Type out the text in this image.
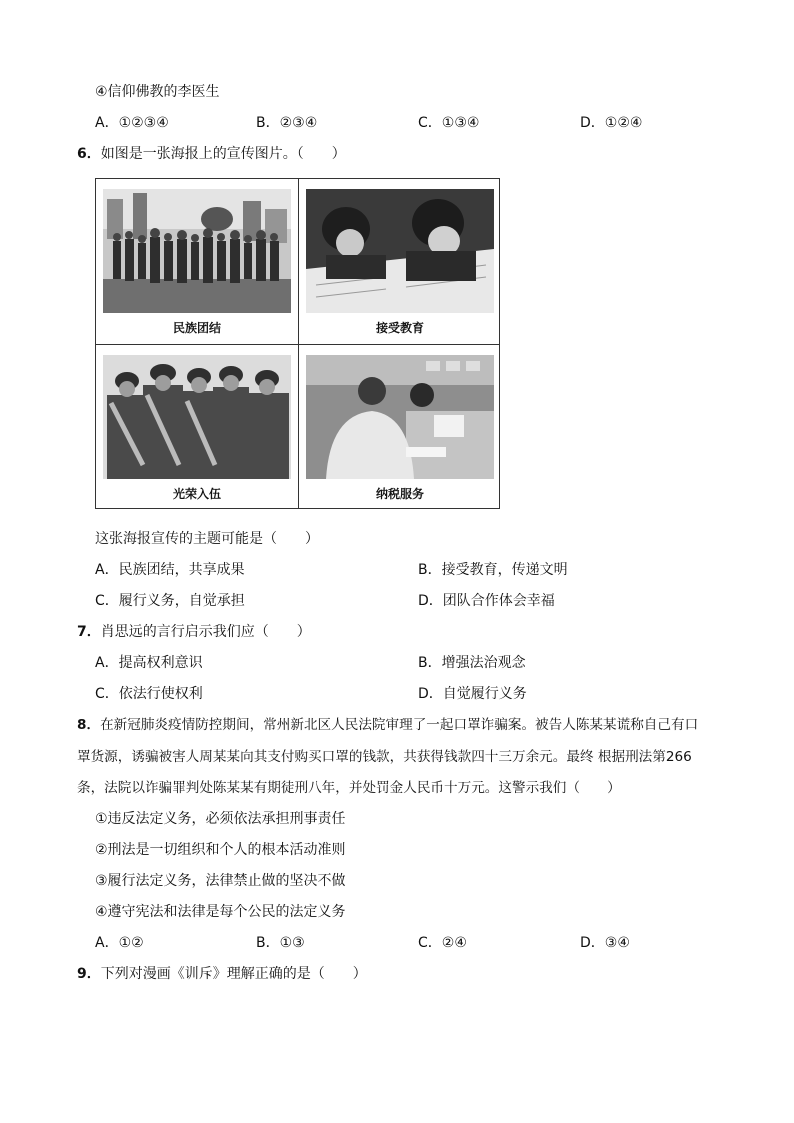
④信仰佛教的李医生
A．①②③④	B．②③④	C．①③④	D．①②④
6．如图是一张海报上的宣传图片。（　　）
民族团结	接受教育
光荣入伍	纳税服务
这张海报宣传的主题可能是（　　）
A．民族团结，共享成果	B．接受教育，传递文明
C．履行义务，自觉承担	D．团队合作体会幸福
7．肖思远的言行启示我们应（　　）
A．提高权利意识	B．增强法治观念
C．依法行使权利	D．自觉履行义务
8．在新冠肺炎疫情防控期间，常州新北区人民法院审理了一起口罩诈骗案。被告人陈某某谎称自己有口
罩货源，诱骗被害人周某某向其支付购买口罩的钱款，共获得钱款四十三万余元。最终 根据刑法第266
条，法院以诈骗罪判处陈某某有期徒刑八年，并处罚金人民币十万元。这警示我们（　　）
①违反法定义务，必须依法承担刑事责任
②刑法是一切组织和个人的根本活动准则
③履行法定义务，法律禁止做的坚决不做
④遵守宪法和法律是每个公民的法定义务
A．①②	B．①③	C．②④	D．③④
9．下列对漫画《训斥》理解正确的是（　　）
